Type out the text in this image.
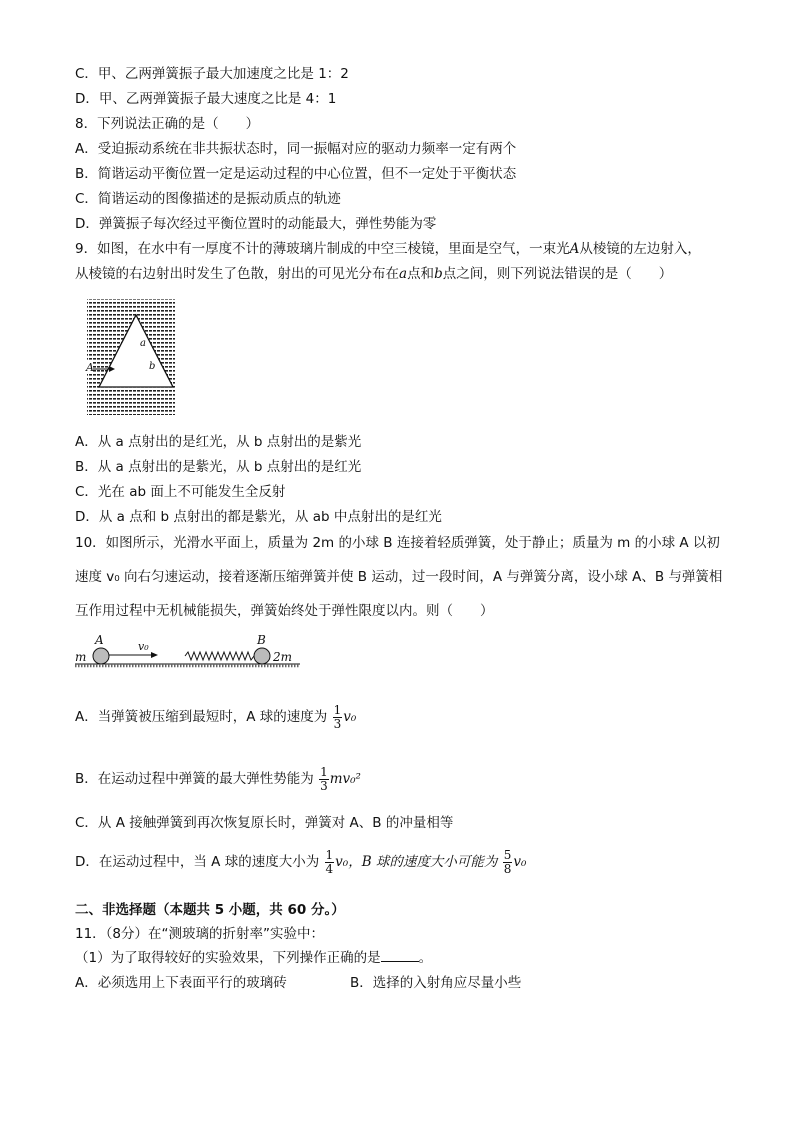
C．甲、乙两弹簧振子最大加速度之比是 1：2
D．甲、乙两弹簧振子最大速度之比是 4：1
8．下列说法正确的是（　　）
A．受迫振动系统在非共振状态时，同一振幅对应的驱动力频率一定有两个
B．简谐运动平衡位置一定是运动过程的中心位置，但不一定处于平衡状态
C．简谐运动的图像描述的是振动质点的轨迹
D．弹簧振子每次经过平衡位置时的动能最大，弹性势能为零
9．如图，在水中有一厚度不计的薄玻璃片制成的中空三棱镜，里面是空气，一束光A从棱镜的左边射入，
从棱镜的右边射出时发生了色散，射出的可见光分布在a点和b点之间，则下列说法错误的是（　　）
A
a
b
A．从 a 点射出的是红光，从 b 点射出的是紫光
B．从 a 点射出的是紫光，从 b 点射出的是红光
C．光在 ab 面上不可能发生全反射
D．从 a 点和 b 点射出的都是紫光，从 ab 中点射出的是红光
10．如图所示，光滑水平面上，质量为 2m 的小球 B 连接着轻质弹簧，处于静止；质量为 m 的小球 A 以初
速度 v₀ 向右匀速运动，接着逐渐压缩弹簧并使 B 运动，过一段时间，A 与弹簧分离，设小球 A、B 与弹簧相
互作用过程中无机械能损失，弹簧始终处于弹性限度以内。则（　　）
m
A	v₀	B
2m
A．当弹簧被压缩到最短时，A 球的速度为 $\frac{1}{3} v_0$
B．在运动过程中弹簧的最大弹性势能为 $\frac{1}{3} mv_0^2$
C．从 A 接触弹簧到再次恢复原长时，弹簧对 A、B 的冲量相等
D．在运动过程中，当 A 球的速度大小为 $\frac{1}{4} v_0$，B 球的速度大小可能为 $\frac{5}{8} v_0$
二、非选择题（本题共 5 小题，共 60 分。）
11．（8分）在“测玻璃的折射率”实验中：
（1）为了取得较好的实验效果，下列操作正确的是	。
A．必须选用上下表面平行的玻璃砖	B．选择的入射角应尽量小些
